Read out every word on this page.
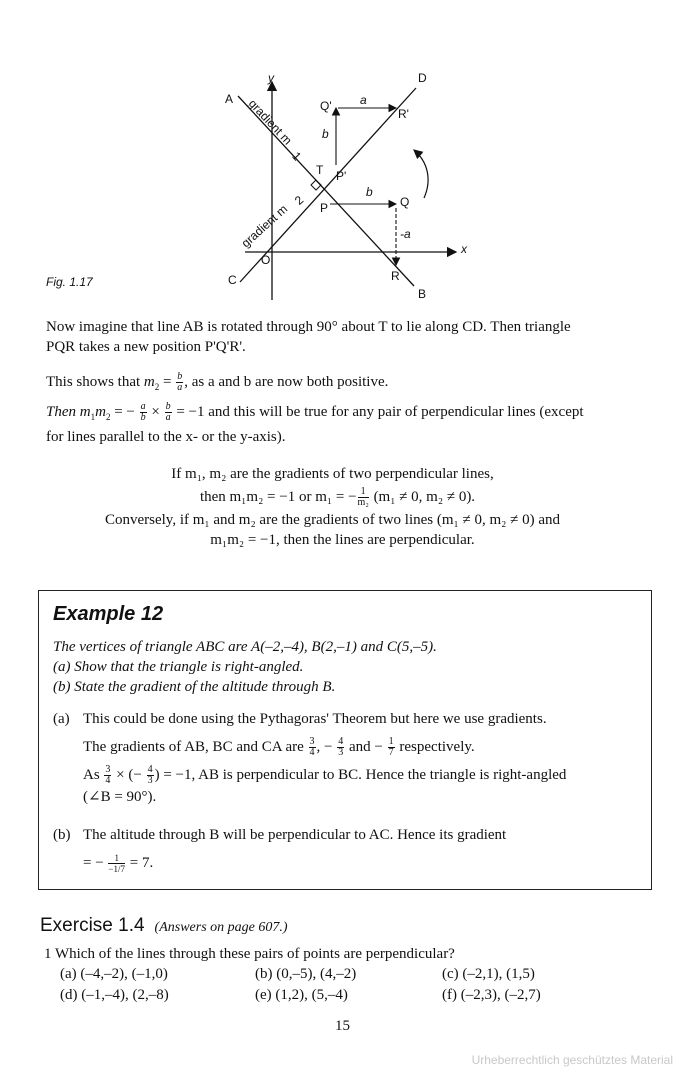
y
x
A
D
C
B
O
T
P	Q
R
P'
Q'
R'
a
b
b
-a
gradient m
1
gradient m
2
Fig. 1.17
Now imagine that line AB is rotated through 90° about T to lie along CD. Then triangle
PQR takes a new position P'Q'R'.
This shows that $m_2 = \frac{b}{a}$ , as a and b are now both positive.
Then $m_1m_2$ = − $\frac{a}{b} \times \frac{b}{a} = -1$ and this will be true for any pair of perpendicular lines (except
for lines parallel to the x- or the y-axis).
If m₁, m₂ are the gradients of two perpendicular lines,
then m₁m₂ = −1 or m₁ = − $\frac{1}{\text{m₂}} (m_1 \ne 0$, m₂ ≠ 0).
Conversely, if m₁ and m₂ are the gradients of two lines (m₁ ≠ 0, m₂ ≠ 0) and
m₁m₂ = −1, then the lines are perpendicular.
Example 12
The vertices of triangle ABC are A(–2,–4), B(2,–1) and C(5,–5).
(a) Show that the triangle is right-angled.
(b) State the gradient of the altitude through B.
(a) This could be done using the Pythagoras' Theorem but here we use gradients.
The gradients of AB, BC and CA are $\frac{3}{4}$ , − $\frac{4}{3}$ and − $\frac{1}{7}$ respectively.
As $\frac{3}{4}$ × (− $\frac{4}{3}$ ) = −1, AB is perpendicular to BC. Hence the triangle is right-angled
(∠B = 90°).
(b) The altitude through B will be perpendicular to AC. Hence its gradient
= − $\frac{1}{-1/7} = 7$.
Exercise 1.4 (Answers on page 607.)
1 Which of the lines through these pairs of points are perpendicular?
(a) (–4,–2), (–1,0)	(b) (0,–5), (4,–2)	(c) (–2,1), (1,5)
(d) (–1,–4), (2,–8)	(e) (1,2), (5,–4)	(f) (–2,3), (–2,7)
15
Urheberrechtlich geschütztes Material
